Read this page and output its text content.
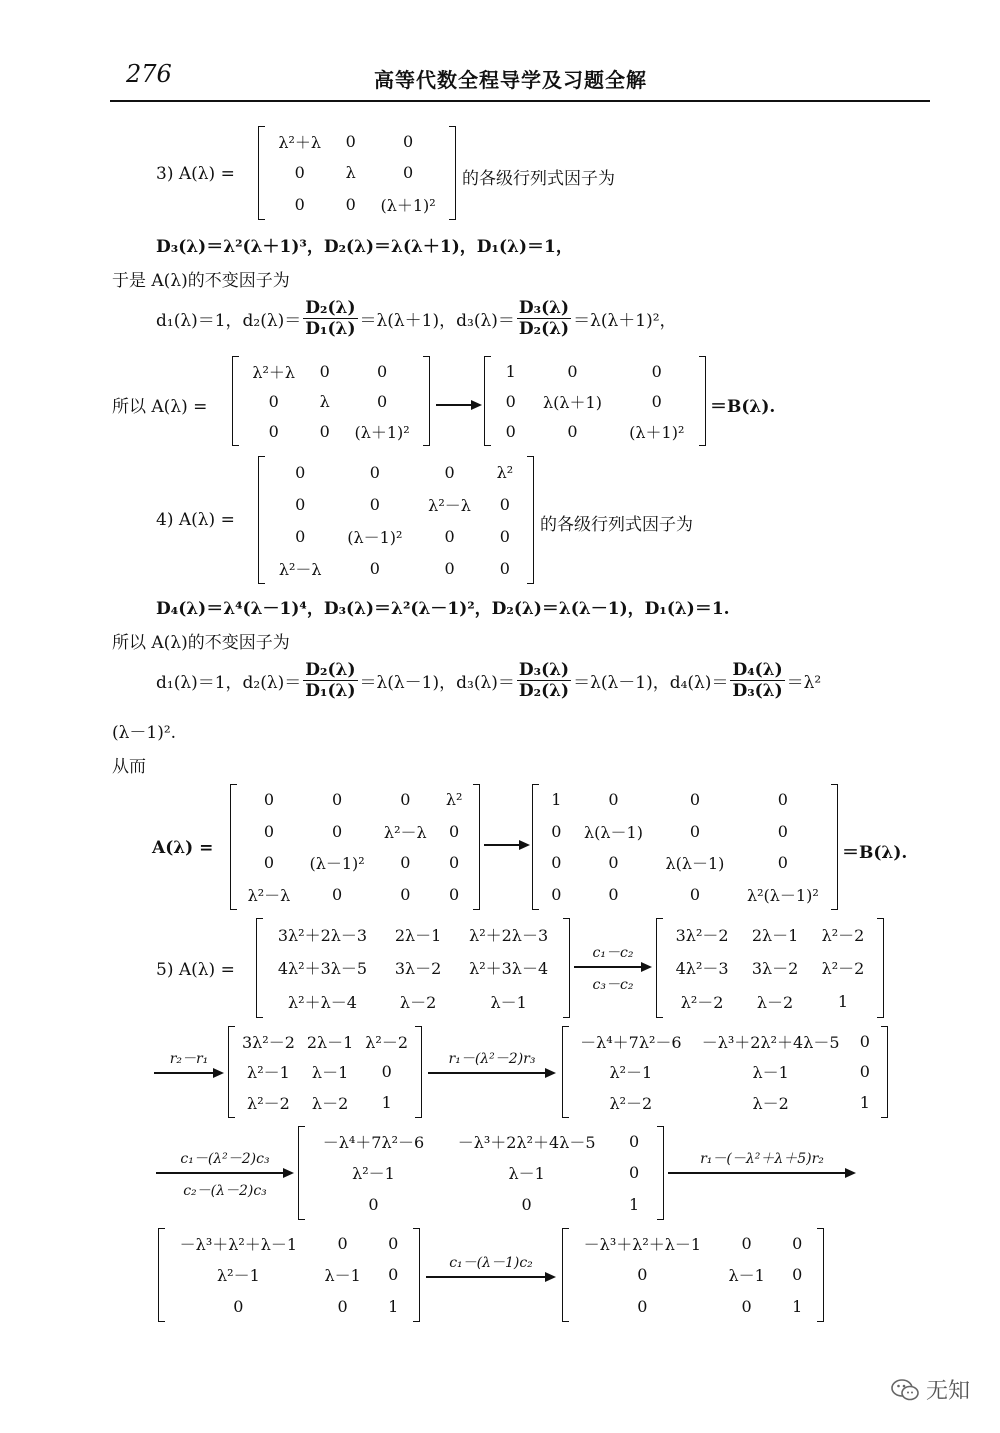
276	高等代数全程导学及习题全解
3) A(λ) =
λ²＋λ	0	0
0	λ	0
0	0	(λ＋1)²
的各级行列式因子为
D₃(λ)＝λ²(λ＋1)³，D₂(λ)＝λ(λ＋1)，D₁(λ)＝1，
于是 A(λ)的不变因子为
d₁(λ)＝1，$d_2(\lambda)= \frac{\text{D₂(λ)}}{\text{D₁(λ)}} =\lambda(\lambda+1)$，$d_3(\lambda)= \frac{\text{D₃(λ)}}{\text{D₂(λ)}} =\lambda(\lambda+1)^2$，
所以 A(λ) =
λ²＋λ	0	0
0	λ	0
0	0	(λ＋1)²
1	0	0
0	λ(λ＋1)	0
0	0	(λ＋1)²
＝B(λ).
4) A(λ) =
0	0	0	λ²
0	0	λ²－λ	0
0	(λ－1)²	0	0
λ²－λ	0	0	0
的各级行列式因子为
D₄(λ)＝λ⁴(λ－1)⁴，D₃(λ)＝λ²(λ－1)²，D₂(λ)＝λ(λ－1)，D₁(λ)＝1.
所以 A(λ)的不变因子为
d₁(λ)＝1，$d_2(\lambda)= \frac{\text{D₂(λ)}}{\text{D₁(λ)}} =\lambda(\lambda-1)$，$d_3(\lambda)= \frac{\text{D₃(λ)}}{\text{D₂(λ)}} =\lambda(\lambda-1)$，$d_4(\lambda)= \frac{\text{D₄(λ)}}{\text{D₃(λ)}} =\lambda^2$
(λ－1)².
从而
A(λ) =
0	0	0	λ²
0	0	λ²－λ	0
0	(λ－1)²	0	0
λ²－λ	0	0	0
1	0	0	0
0	λ(λ－1)	0	0
0	0	λ(λ－1)	0
0	0	0	λ²(λ－1)²
＝B(λ).
5) A(λ) =
3λ²＋2λ－3	2λ－1	λ²＋2λ－3
4λ²＋3λ－5	3λ－2	λ²＋3λ－4
λ²＋λ－4	λ－2	λ－1
c₁－c₂
c₃－c₂
3λ²－2	2λ－1	λ²－2
4λ²－3	3λ－2	λ²－2
λ²－2	λ－2	1
r₂－r₁
3λ²－2 2λ－1 λ²－2
λ²－1	λ－1	0
λ²－2	λ－2	1
r₁－(λ²－2)r₃
－λ⁴＋7λ²－6	－λ³＋2λ²＋4λ－5	0
λ²－1	λ－1	0
λ²－2	λ－2	1
c₁－(λ²－2)c₃
c₂－(λ－2)c₃
－λ⁴＋7λ²－6	－λ³＋2λ²＋4λ－5	0
λ²－1	λ－1	0
0	0	1
r₁－(－λ²＋λ＋5)r₂
－λ³＋λ²＋λ－1	0	0
λ²－1	λ－1	0
0	0	1
c₁－(λ－1)c₂
－λ³＋λ²＋λ－1	0	0
0	λ－1	0
0	0	1
无知
